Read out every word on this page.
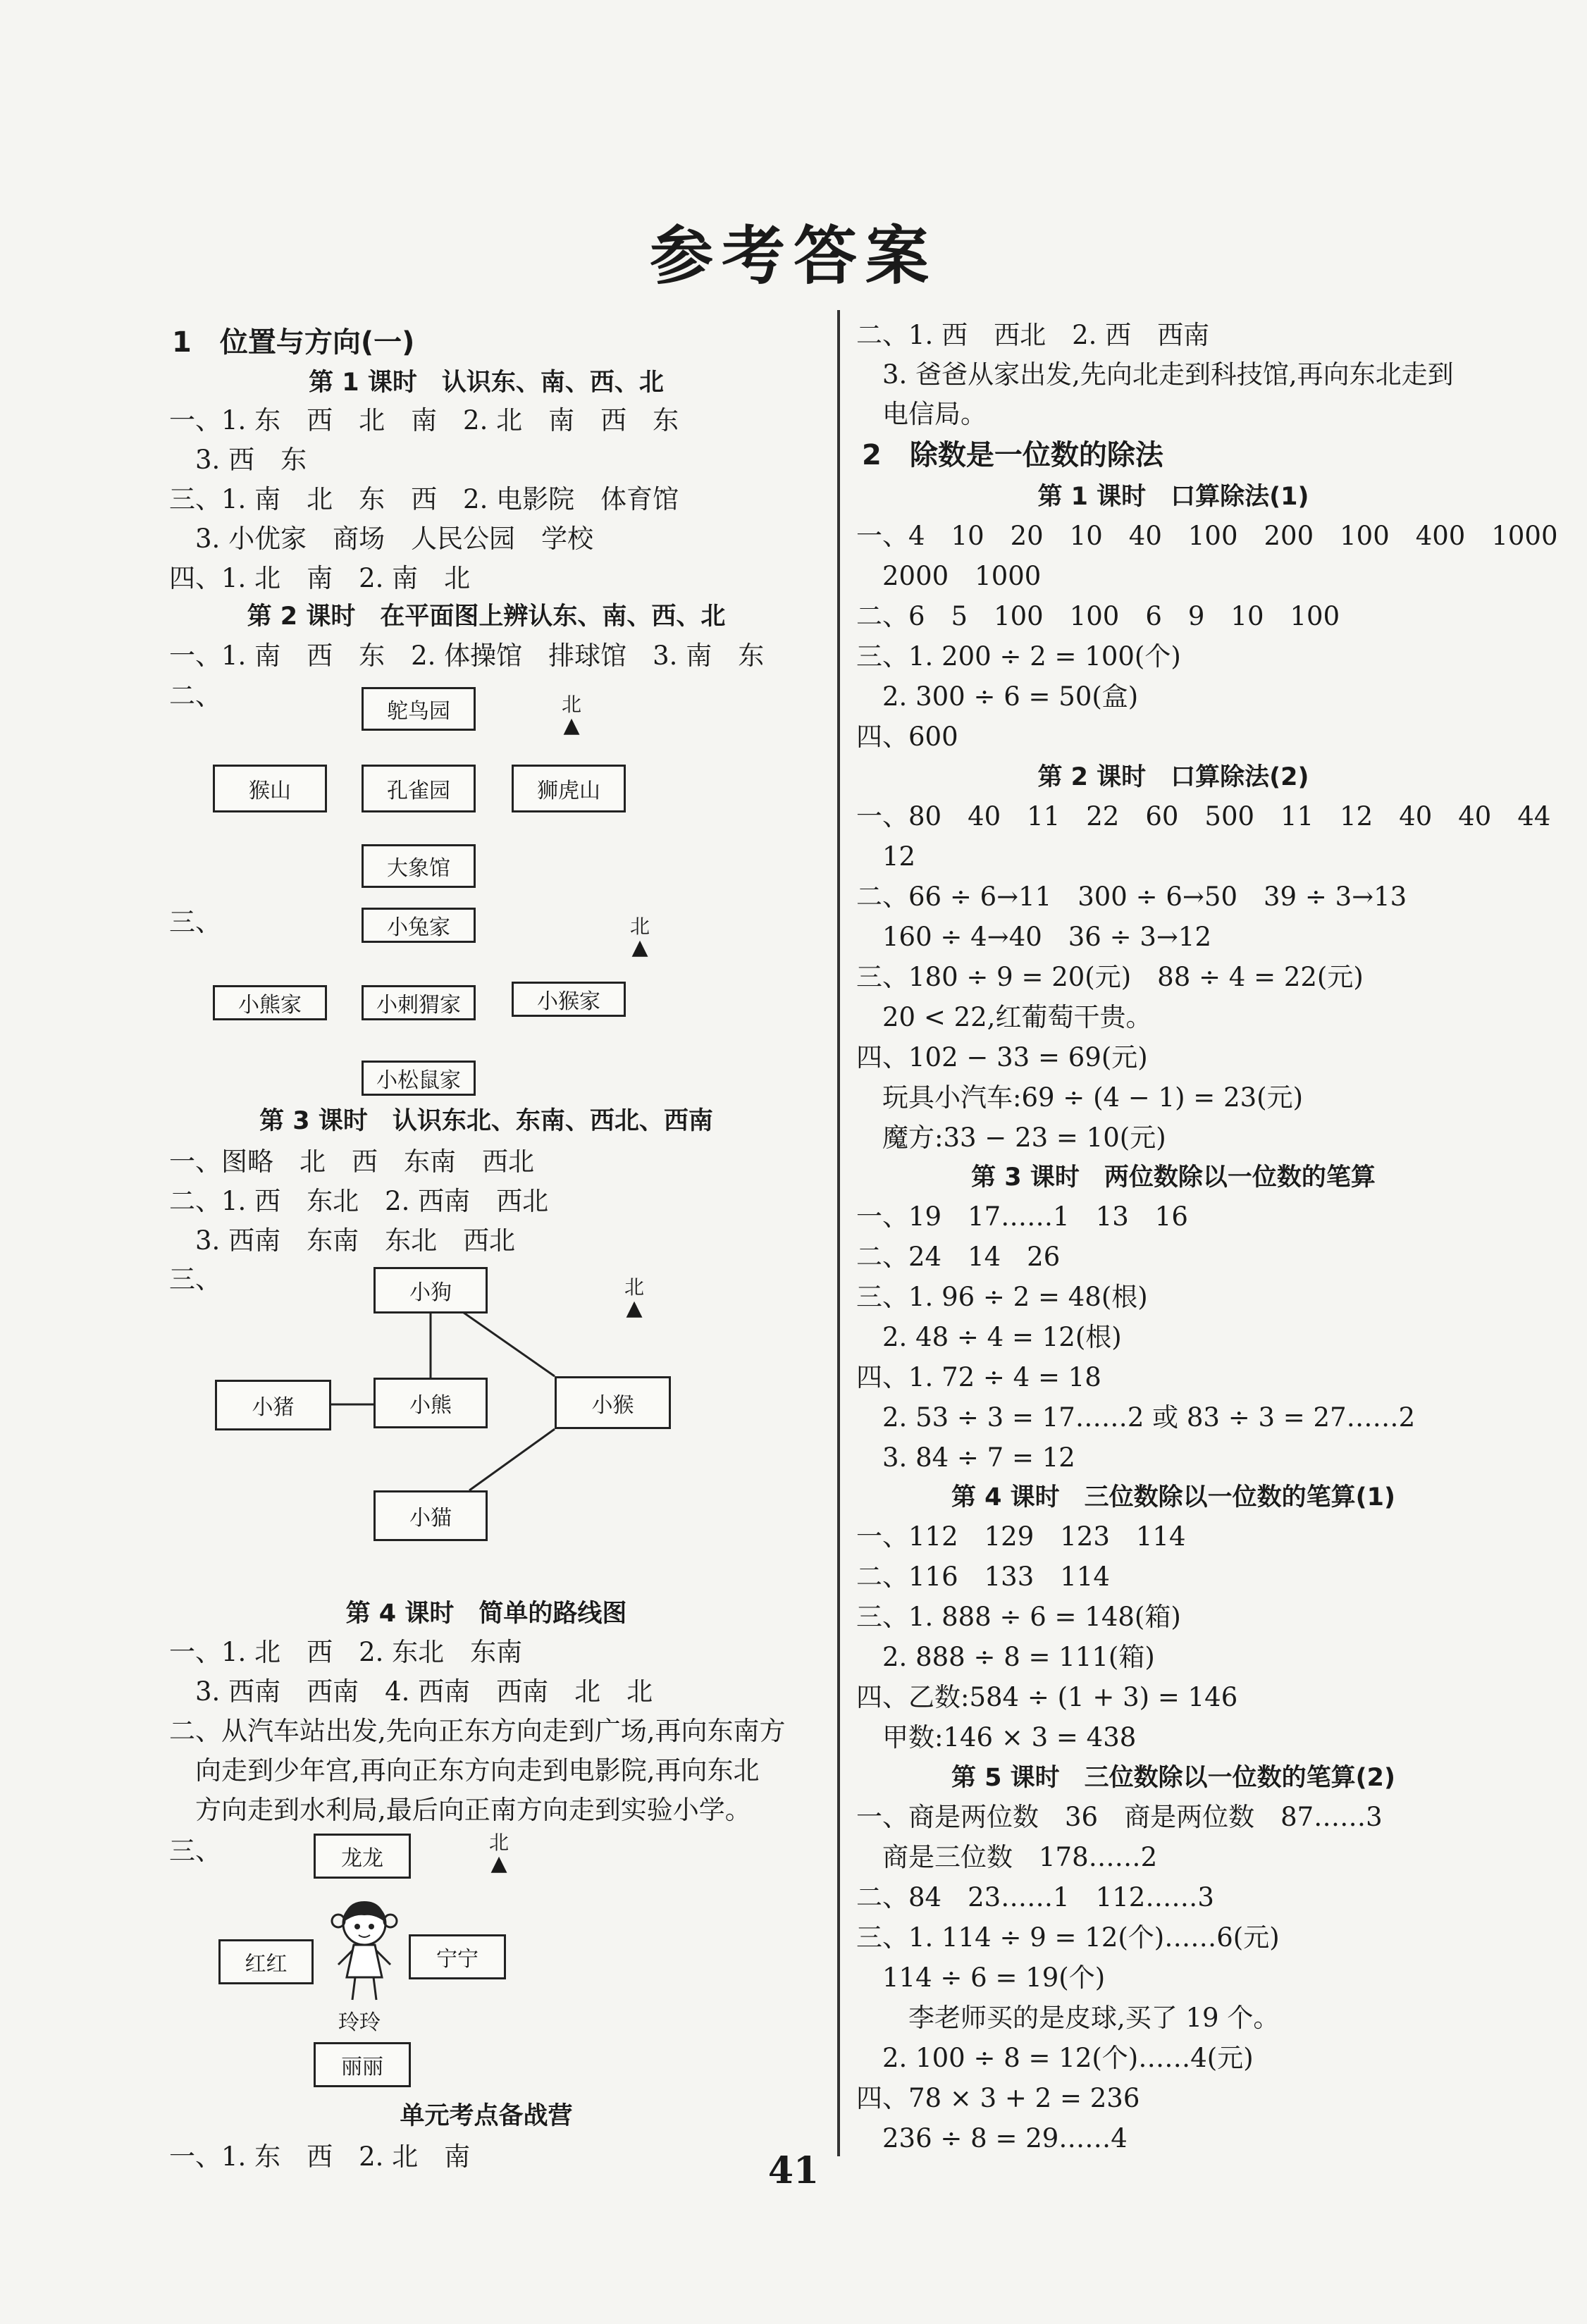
参考答案
1　位置与方向(一)
第 1 课时　认识东、南、西、北
一、1. 东　西　北　南　2. 北　南　西　东
　3. 西　东
三、1. 南　北　东　西　2. 电影院　体育馆
　3. 小优家　商场　人民公园　学校
四、1. 北　南　2. 南　北
第 2 课时　在平面图上辨认东、南、西、北
一、1. 南　西　东　2. 体操馆　排球馆　3. 南　东
二、
鸵鸟园	北
▲
猴山	孔雀园	狮虎山
大象馆
三、	小兔家	北
▲
小熊家	小刺猬家	小猴家
小松鼠家
第 3 课时　认识东北、东南、西北、西南
一、图略　北　西　东南　西北
二、1. 西　东北　2. 西南　西北
　3. 西南　东南　东北　西北
三、	小狗	北
▲
小猪	小熊	小猴
小猫
第 4 课时　简单的路线图
一、1. 北　西　2. 东北　东南
　3. 西南　西南　4. 西南　西南　北　北
二、从汽车站出发,先向正东方向走到广场,再向东南方
　向走到少年宫,再向正东方向走到电影院,再向东北
　方向走到水利局,最后向正南方向走到实验小学。
三、	龙龙
北
▲
红红	宁宁
玲玲
丽丽
单元考点备战营
一、1. 东　西　2. 北　南
二、1. 西　西北　2. 西　西南
　3. 爸爸从家出发,先向北走到科技馆,再向东北走到
　电信局。
2　除数是一位数的除法
第 1 课时　口算除法(1)
一、4　10　20　10　40　100　200　100　400　1000
　2000　1000
二、6　5　100　100　6　9　10　100
三、1. 200 ÷ 2 = 100(个)
　2. 300 ÷ 6 = 50(盒)
四、600
第 2 课时　口算除法(2)
一、80　40　11　22　60　500　11　12　40　40　44
　12
二、66 ÷ 6→11　300 ÷ 6→50　39 ÷ 3→13
　160 ÷ 4→40　36 ÷ 3→12
三、180 ÷ 9 = 20(元)　88 ÷ 4 = 22(元)
　20 < 22,红葡萄干贵。
四、102 − 33 = 69(元)
　玩具小汽车:69 ÷ (4 − 1) = 23(元)
　魔方:33 − 23 = 10(元)
第 3 课时　两位数除以一位数的笔算
一、19　17……1　13　16
二、24　14　26
三、1. 96 ÷ 2 = 48(根)
　2. 48 ÷ 4 = 12(根)
四、1. 72 ÷ 4 = 18
　2. 53 ÷ 3 = 17……2 或 83 ÷ 3 = 27……2
　3. 84 ÷ 7 = 12
第 4 课时　三位数除以一位数的笔算(1)
一、112　129　123　114
二、116　133　114
三、1. 888 ÷ 6 = 148(箱)
　2. 888 ÷ 8 = 111(箱)
四、乙数:584 ÷ (1 + 3) = 146
　甲数:146 × 3 = 438
第 5 课时　三位数除以一位数的笔算(2)
一、商是两位数　36　商是两位数　87……3
　商是三位数　178……2
二、84　23……1　112……3
三、1. 114 ÷ 9 = 12(个)……6(元)
　114 ÷ 6 = 19(个)
　　李老师买的是皮球,买了 19 个。
　2. 100 ÷ 8 = 12(个)……4(元)
四、78 × 3 + 2 = 236
　236 ÷ 8 = 29……4
41
